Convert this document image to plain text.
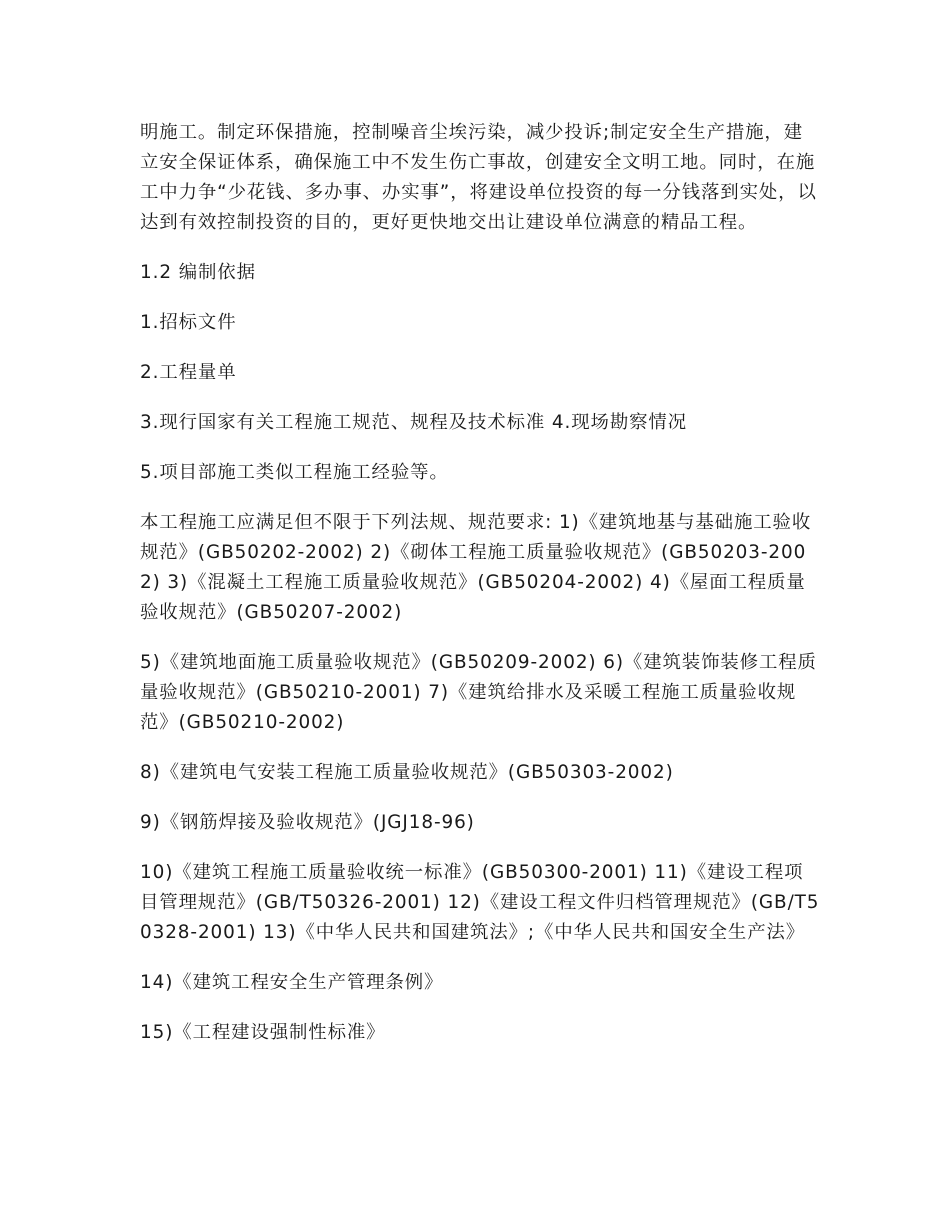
明施工。制定环保措施，控制噪音尘埃污染，减少投诉;制定安全生产措施，建立安全保证体系，确保施工中不发生伤亡事故，创建安全文明工地。同时，在施工中力争“少花钱、多办事、办实事”，将建设单位投资的每一分钱落到实处，以达到有效控制投资的目的，更好更快地交出让建设单位满意的精品工程。

1.2 编制依据

1.招标文件

2.工程量单

3.现行国家有关工程施工规范、规程及技术标准 4.现场勘察情况

5.项目部施工类似工程施工经验等。

本工程施工应满足但不限于下列法规、规范要求: 1)《建筑地基与基础施工验收规范》(GB50202-2002) 2)《砌体工程施工质量验收规范》(GB50203-2002) 3)《混凝土工程施工质量验收规范》(GB50204-2002) 4)《屋面工程质量验收规范》(GB50207-2002)

5)《建筑地面施工质量验收规范》(GB50209-2002) 6)《建筑装饰装修工程质量验收规范》(GB50210-2001) 7)《建筑给排水及采暖工程施工质量验收规范》(GB50210-2002)

8)《建筑电气安装工程施工质量验收规范》(GB50303-2002)

9)《钢筋焊接及验收规范》(JGJ18-96)

10)《建筑工程施工质量验收统一标准》(GB50300-2001) 11)《建设工程项目管理规范》(GB/T50326-2001) 12)《建设工程文件归档管理规范》(GB/T50328-2001) 13)《中华人民共和国建筑法》;《中华人民共和国安全生产法》

14)《建筑工程安全生产管理条例》

15)《工程建设强制性标准》
